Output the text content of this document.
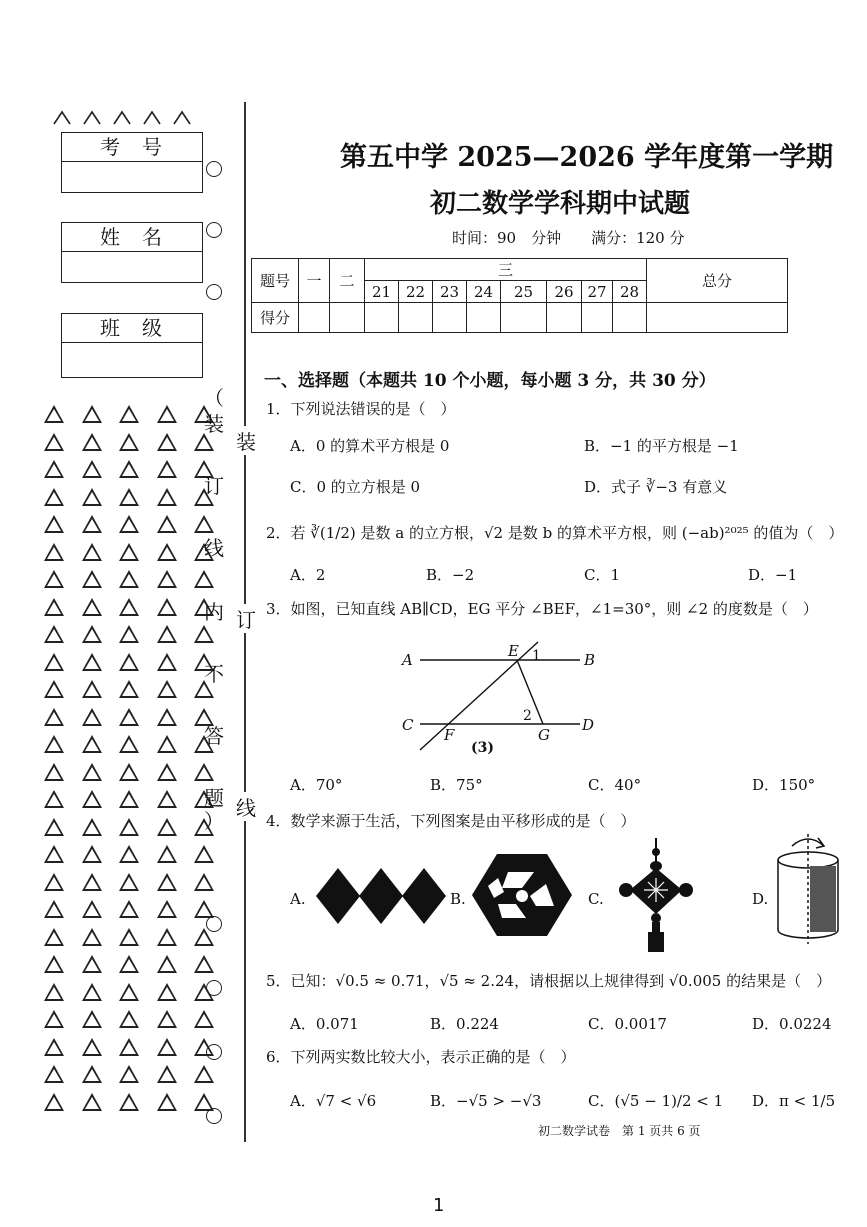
考号
姓名
班级
（
装
订
线
内
不
答
题
）
装
订
线
第五中学 2025—2026 学年度第一学期
初二数学学科期中试题
时间：90　分钟　　满分：120 分
题号	一	二	三								总分
			21	22	23	24	25	26	27	28	
得分											
一、选择题（本题共 10 个小题，每小题 3 分，共 30 分）
1．下列说法错误的是（　）
A．0 的算术平方根是 0	B．−1 的平方根是 −1
C．0 的立方根是 0	D．式子 ∛−3 有意义
2．若 ∛(1/2) 是数 a 的立方根，√2 是数 b 的算术平方根，则 (−ab)²⁰²⁵ 的值为（　）
A．2	B．−2	C．1	D．−1
3．如图，已知直线 AB∥CD，EG 平分 ∠BEF，∠1=30°，则 ∠2 的度数是（　）
A	B
C	D
E
F	G
1
2
(3)
A．70°	B．75°	C．40°	D．150°
4．数学来源于生活，下列图案是由平移形成的是（　）
A.	B.	C.	D.
5．已知：√0.5 ≈ 0.71，√5 ≈ 2.24，请根据以上规律得到 √0.005 的结果是（　）
A．0.071	B．0.224	C．0.0017	D．0.0224
6．下列两实数比较大小，表示正确的是（　）
A．√7 < √6	B．−√5 > −√3	C．(√5 − 1)/2 < 1 D．π < 1/5
初二数学试卷　第 1 页共 6 页
1
